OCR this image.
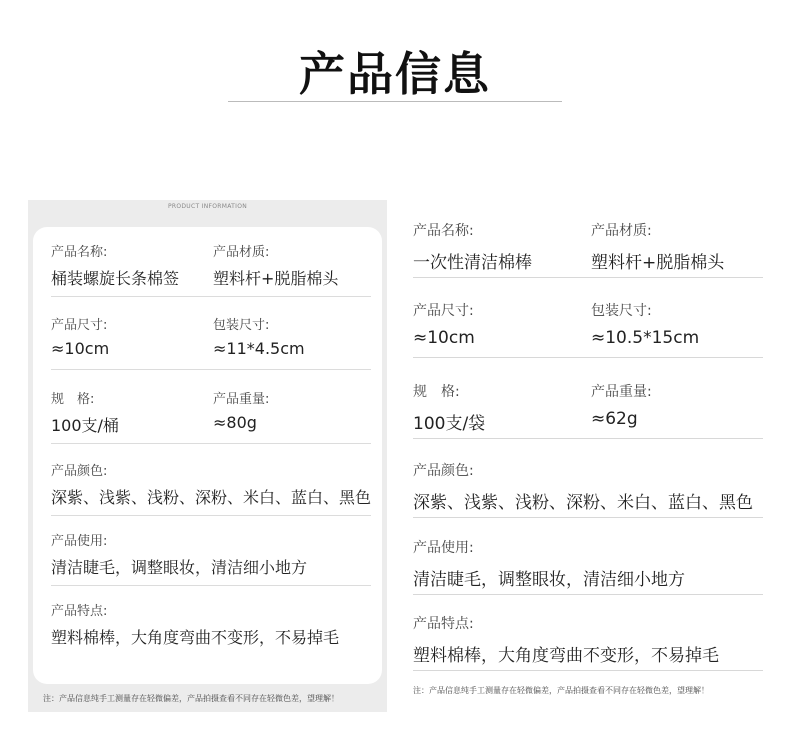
产品信息
PRODUCT INFORMATION
产品名称:
桶装螺旋长条棉签
产品材质:
塑料杆+脱脂棉头
产品尺寸:
≈10cm
包装尺寸:
≈11*4.5cm
规　格:
100支/桶
产品重量:
≈80g
产品颜色:
深紫、浅紫、浅粉、深粉、米白、蓝白、黑色
产品使用:
清洁睫毛，调整眼妆，清洁细小地方
产品特点:
塑料棉棒，大角度弯曲不变形，不易掉毛
注：产品信息纯手工测量存在轻微偏差，产品拍摄查看不同存在轻微色差，望理解！
产品名称:
一次性清洁棉棒
产品材质:
塑料杆+脱脂棉头
产品尺寸:
≈10cm
包装尺寸:
≈10.5*15cm
规　格:
100支/袋
产品重量:
≈62g
产品颜色:
深紫、浅紫、浅粉、深粉、米白、蓝白、黑色
产品使用:
清洁睫毛，调整眼妆，清洁细小地方
产品特点:
塑料棉棒，大角度弯曲不变形，不易掉毛
注：产品信息纯手工测量存在轻微偏差，产品拍摄查看不同存在轻微色差，望理解！
